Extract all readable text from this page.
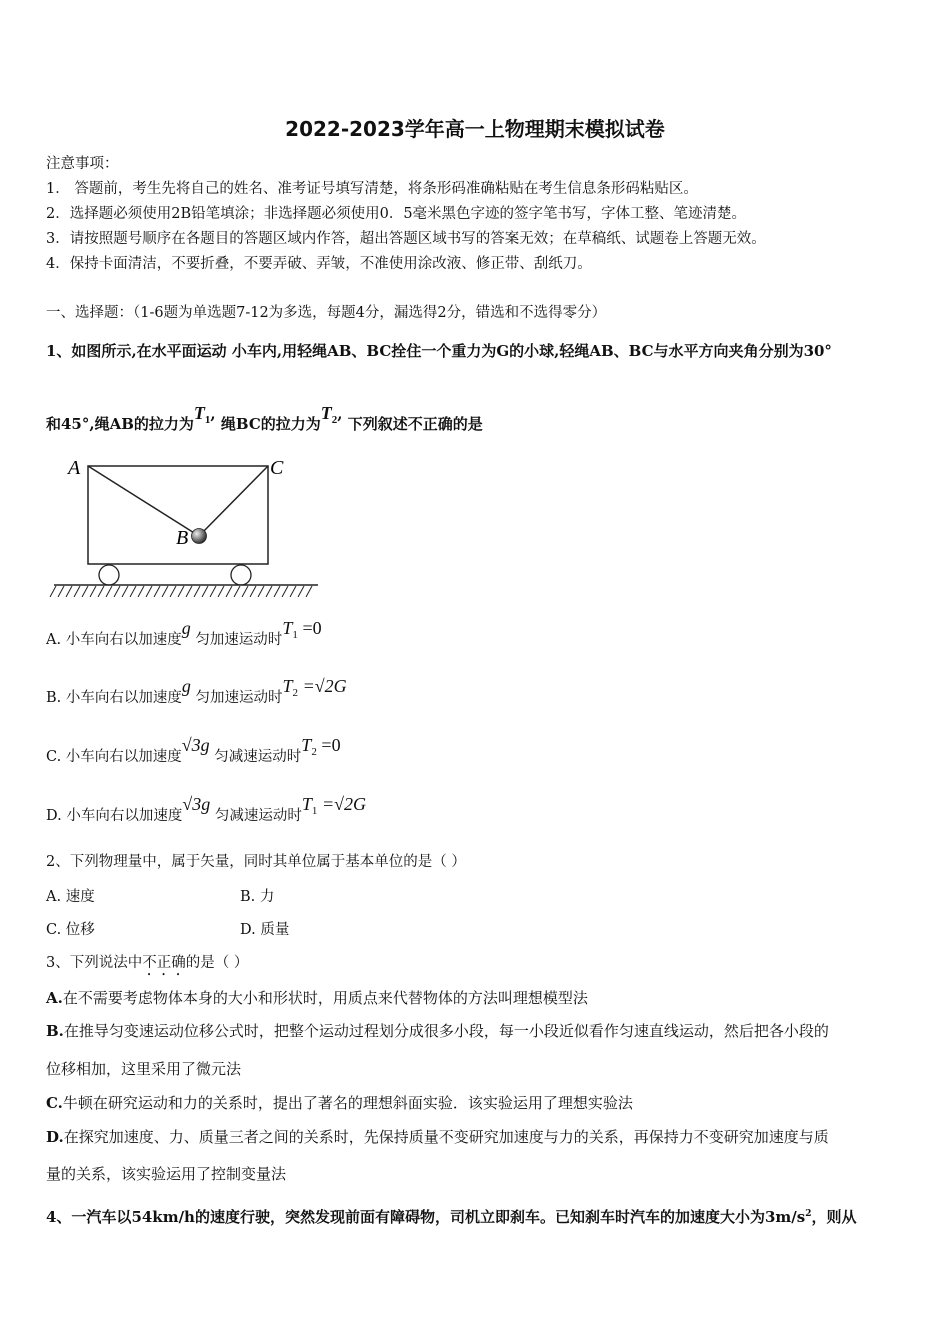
2022-2023学年高一上物理期末模拟试卷
注意事项：
1． 答题前，考生先将自己的姓名、准考证号填写清楚，将条形码准确粘贴在考生信息条形码粘贴区。
2．选择题必须使用2B铅笔填涂；非选择题必须使用0．5毫米黑色字迹的签字笔书写，字体工整、笔迹清楚。
3．请按照题号顺序在各题目的答题区域内作答，超出答题区域书写的答案无效；在草稿纸、试题卷上答题无效。
4．保持卡面清洁，不要折叠，不要弄破、弄皱，不准使用涂改液、修正带、刮纸刀。
一、选择题：（1-6题为单选题7-12为多选，每题4分，漏选得2分，错选和不选得零分）
1、如图所示,在水平面运动 小车内,用轻绳AB、BC拴住一个重力为G的小球,轻绳AB、BC与水平方向夹角分别为30°
和45°,绳AB的拉力为$T_1$, 绳BC的拉力为$T_2$, 下列叙述不正确的是
A	C
B
A. 小车向右以加速度g 匀加速运动时$T_1 =0$
B. 小车向右以加速度g 匀加速运动时$T_2 =√2G$
C. 小车向右以加速度√3g 匀减速运动时$T_2 =0$
D. 小车向右以加速度√3g 匀减速运动时$T_1 =√2G$
2、下列物理量中，属于矢量，同时其单位属于基本单位的是（ ）
A. 速度	B. 力
C. 位移	D. 质量
3、下列说法中不正确的是（ ）
A.在不需要考虑物体本身的大小和形状时，用质点来代替物体的方法叫理想模型法
B.在推导匀变速运动位移公式时，把整个运动过程划分成很多小段，每一小段近似看作匀速直线运动，然后把各小段的
位移相加，这里采用了微元法
C.牛顿在研究运动和力的关系时，提出了著名的理想斜面实验．该实验运用了理想实验法
D.在探究加速度、力、质量三者之间的关系时，先保持质量不变研究加速度与力的关系，再保持力不变研究加速度与质
量的关系，该实验运用了控制变量法
4、一汽车以54km/h的速度行驶，突然发现前面有障碍物，司机立即刹车。已知刹车时汽车的加速度大小为$3m/s^2$，则从
